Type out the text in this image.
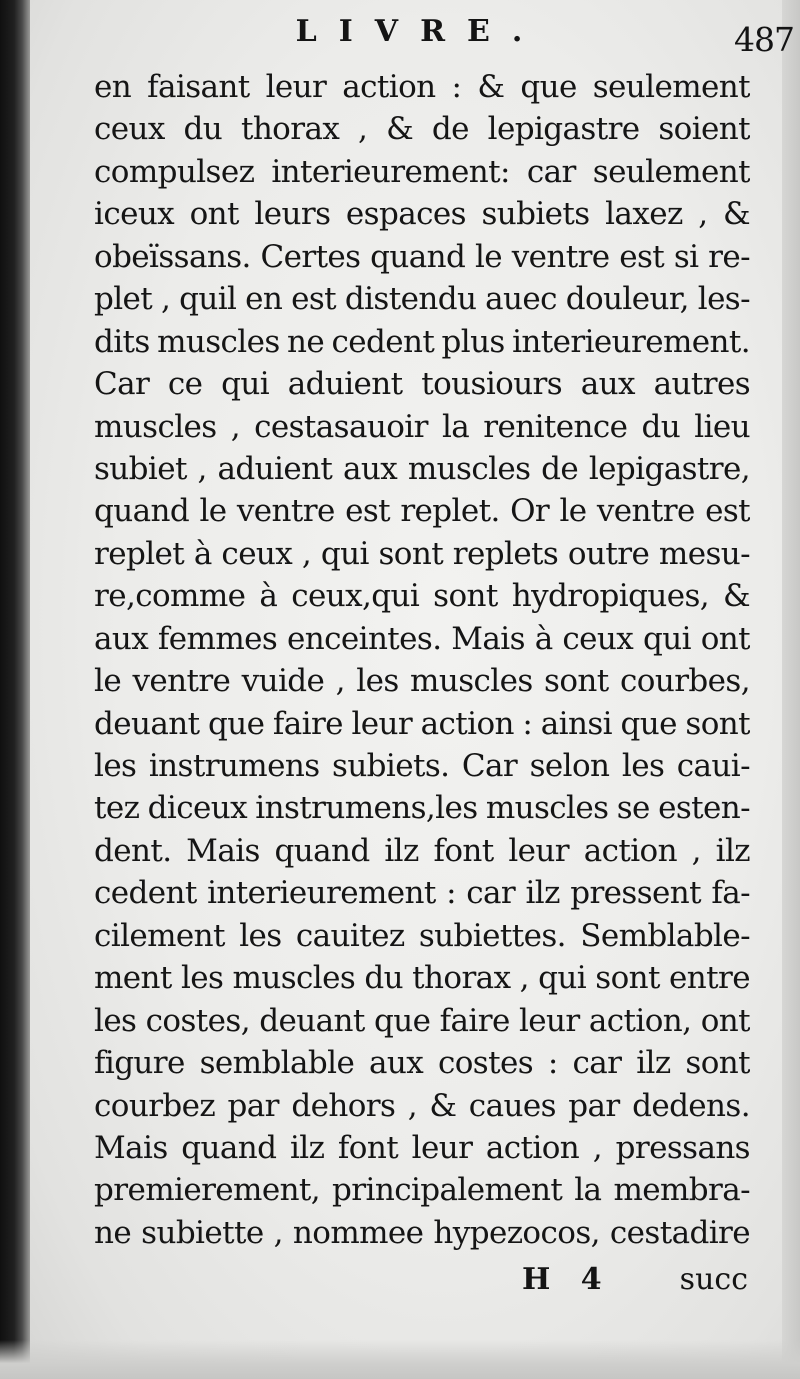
LIVRE.	487
en faisant leur action : & que seulement
ceux du thorax , & de lepigastre soient
compulsez interieurement: car seulement
iceux ont leurs espaces subiets laxez , &
obeïssans. Certes quand le ventre est si re-
plet , quil en est distendu auec douleur, les-
dits muscles ne cedent plus interieurement.
Car ce qui aduient tousiours aux autres
muscles , cestasauoir la renitence du lieu
subiet , aduient aux muscles de lepigastre,
quand le ventre est replet. Or le ventre est
replet à ceux , qui sont replets outre mesu-
re,comme à ceux,qui sont hydropiques, &
aux femmes enceintes. Mais à ceux qui ont
le ventre vuide , les muscles sont courbes,
deuant que faire leur action : ainsi que sont
les instrumens subiets. Car selon les caui-
tez diceux instrumens,les muscles se esten-
dent. Mais quand ilz font leur action , ilz
cedent interieurement : car ilz pressent fa-
cilement les cauitez subiettes. Semblable-
ment les muscles du thorax , qui sont entre
les costes, deuant que faire leur action, ont
figure semblable aux costes : car ilz sont
courbez par dehors , & caues par dedens.
Mais quand ilz font leur action , pressans
premierement, principalement la membra-
ne subiette , nommee hypezocos, cestadire
H 4 succ
